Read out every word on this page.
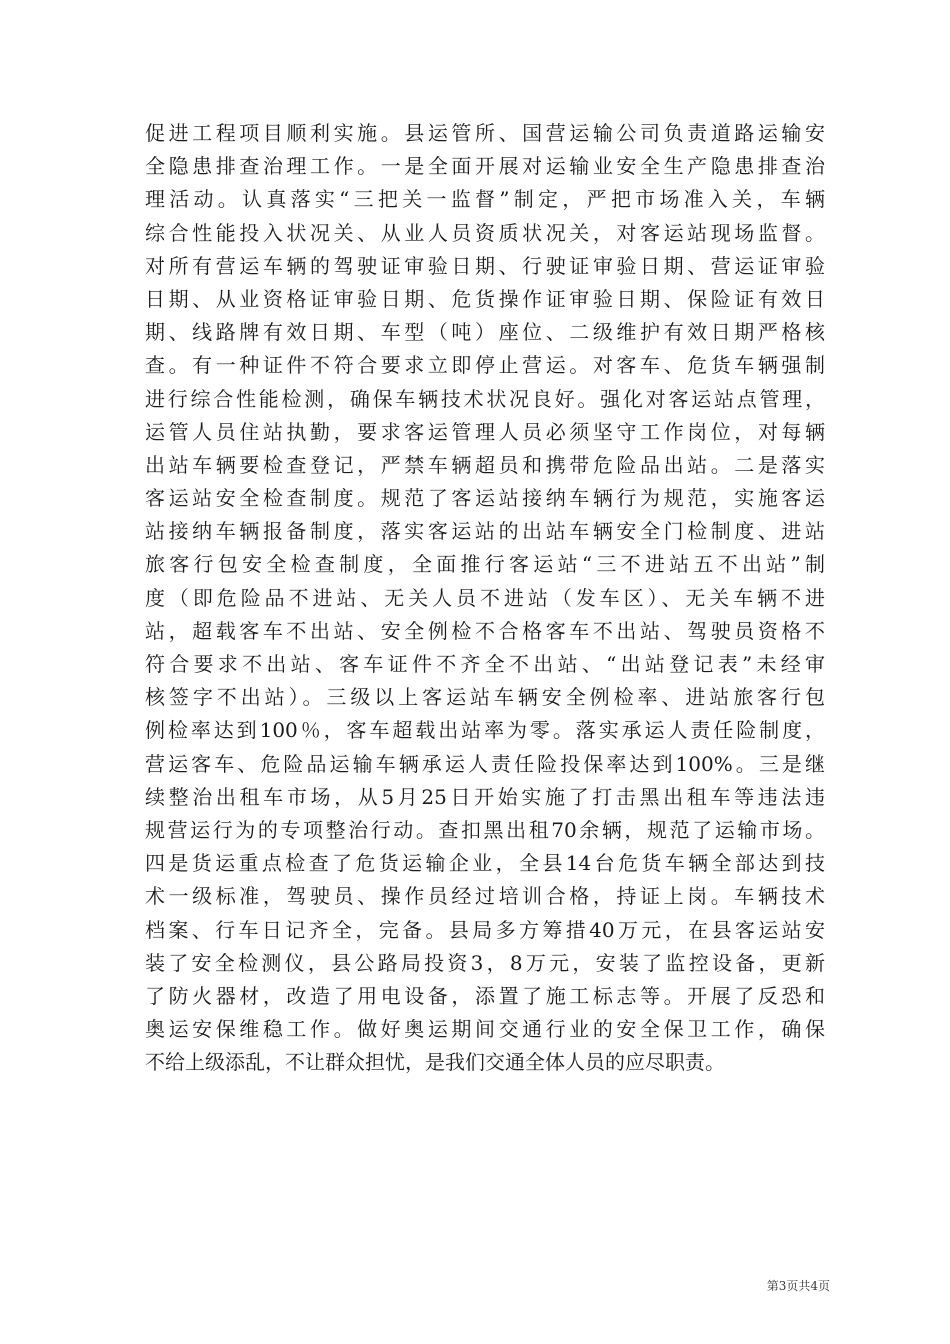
促进工程项目顺利实施。县运管所、国营运输公司负责道路运输安
全隐患排查治理工作。一是全面开展对运输业安全生产隐患排查治
理活动。认真落实“三把关一监督”制定，严把市场准入关，车辆
综合性能投入状况关、从业人员资质状况关，对客运站现场监督。
对所有营运车辆的驾驶证审验日期、行驶证审验日期、营运证审验
日期、从业资格证审验日期、危货操作证审验日期、保险证有效日
期、线路牌有效日期、车型（吨）座位、二级维护有效日期严格核
查。有一种证件不符合要求立即停止营运。对客车、危货车辆强制
进行综合性能检测，确保车辆技术状况良好。强化对客运站点管理，
运管人员住站执勤，要求客运管理人员必须坚守工作岗位，对每辆
出站车辆要检查登记，严禁车辆超员和携带危险品出站。二是落实
客运站安全检查制度。规范了客运站接纳车辆行为规范，实施客运
站接纳车辆报备制度，落实客运站的出站车辆安全门检制度、进站
旅客行包安全检查制度，全面推行客运站“三不进站五不出站”制
度（即危险品不进站、无关人员不进站（发车区）、无关车辆不进
站，超载客车不出站、安全例检不合格客车不出站、驾驶员资格不
符合要求不出站、客车证件不齐全不出站、“出站登记表”未经审
核签字不出站）。三级以上客运站车辆安全例检率、进站旅客行包
例检率达到100％，客车超载出站率为零。落实承运人责任险制度，
营运客车、危险品运输车辆承运人责任险投保率达到100%。三是继
续整治出租车市场，从5月25日开始实施了打击黑出租车等违法违
规营运行为的专项整治行动。查扣黑出租70余辆，规范了运输市场。
四是货运重点检查了危货运输企业，全县14台危货车辆全部达到技
术一级标准，驾驶员、操作员经过培训合格，持证上岗。车辆技术
档案、行车日记齐全，完备。县局多方筹措40万元，在县客运站安
装了安全检测仪，县公路局投资3，8万元，安装了监控设备，更新
了防火器材，改造了用电设备，添置了施工标志等。开展了反恐和
奥运安保维稳工作。做好奥运期间交通行业的安全保卫工作，确保
不给上级添乱，不让群众担忧，是我们交通全体人员的应尽职责。
第3页共4页
